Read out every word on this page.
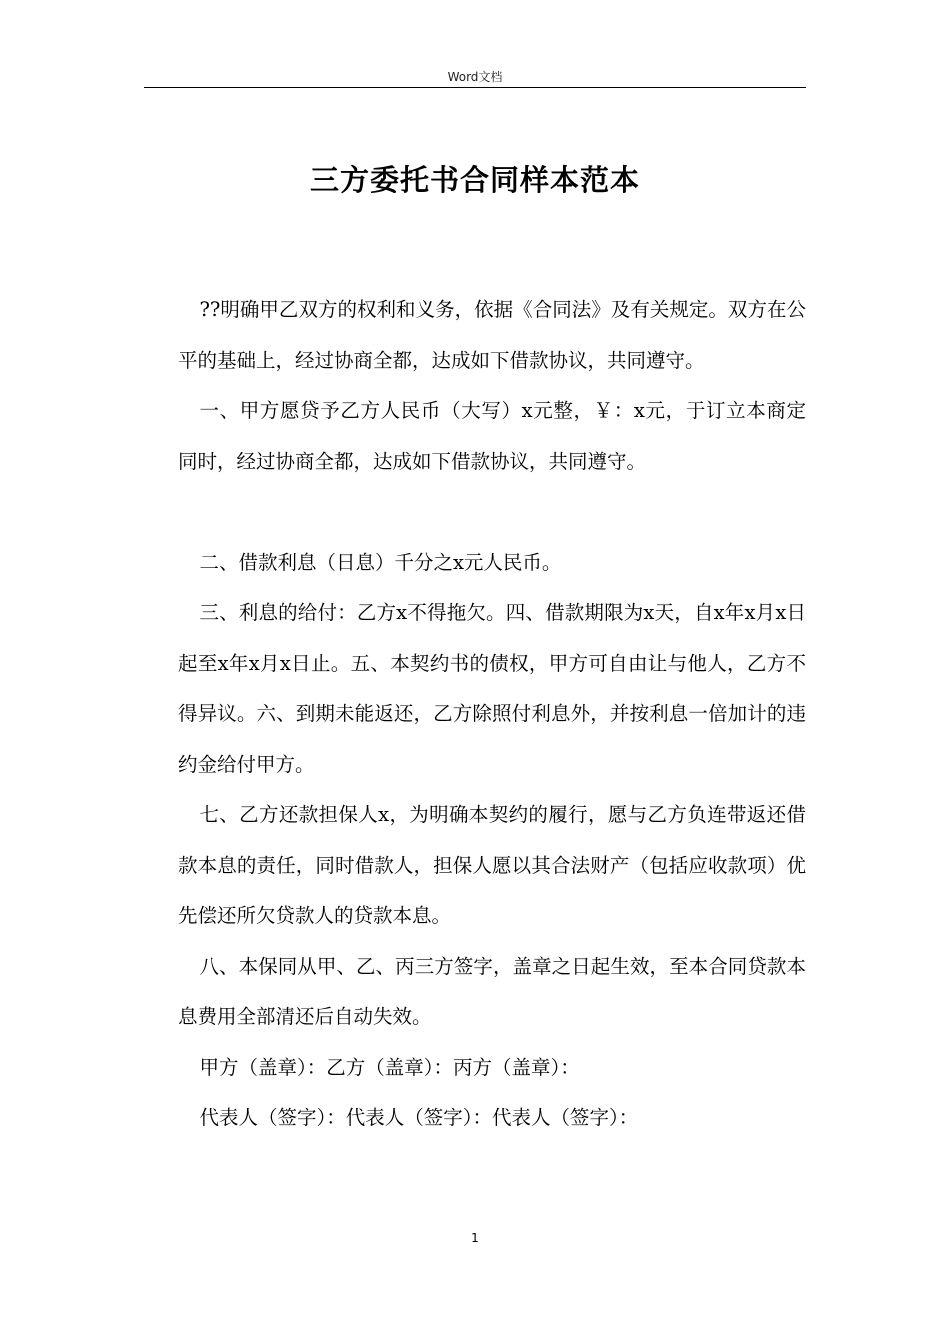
Word文档
三方委托书合同样本范本

??明确甲乙双方的权利和义务，依据《合同法》及有关规定。双方在公平的基础上，经过协商全都，达成如下借款协议，共同遵守。

一、甲方愿贷予乙方人民币（大写）x元整，￥：x元，于订立本商定同时，经过协商全都，达成如下借款协议，共同遵守。

二、借款利息（日息）千分之x元人民币。

三、利息的给付：乙方x不得拖欠。四、借款期限为x天，自x年x月x日起至x年x月x日止。五、本契约书的债权，甲方可自由让与他人，乙方不得异议。六、到期未能返还，乙方除照付利息外，并按利息一倍加计的违约金给付甲方。

七、乙方还款担保人x，为明确本契约的履行，愿与乙方负连带返还借款本息的责任，同时借款人，担保人愿以其合法财产（包括应收款项）优先偿还所欠贷款人的贷款本息。

八、本保同从甲、乙、丙三方签字，盖章之日起生效，至本合同贷款本息费用全部清还后自动失效。

甲方（盖章）：乙方（盖章）：丙方（盖章）：

代表人（签字）：代表人（签字）：代表人（签字）：

1
